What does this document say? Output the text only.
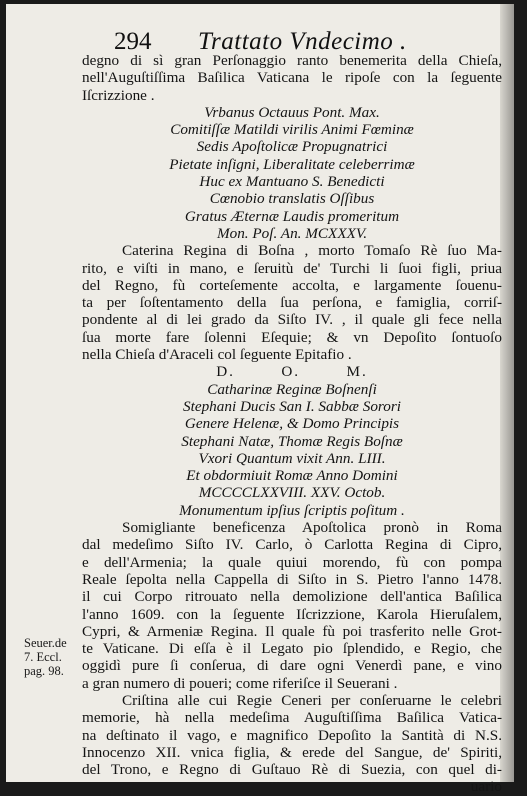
294 Trattato Vndecimo .
degno di sì gran Perſonaggio ranto benemerita della Chieſa,
nell'Auguſtiſſima Baſilica Vaticana le ripoſe con la ſeguente
Iſcrizzione .
Vrbanus Octauus Pont. Max.
Comitiſſæ Matildi virilis Animi Fœminæ
Sedis Apoſtolicæ Propugnatrici
Pietate inſigni, Liberalitate celeberrimæ
Huc ex Mantuano S. Benedicti
Cœnobio translatis Oſſibus
Gratus Æternæ Laudis promeritum
Mon. Poſ. An. MCXXXV.
Caterina Regina di Boſna , morto Tomaſo Rè ſuo Ma-
rito, e viſti in mano, e ſeruitù de' Turchi li ſuoi figli, priua
del Regno, fù corteſemente accolta, e largamente ſouenu-
ta per ſoſtentamento della ſua perſona, e famiglia, corriſ-
pondente al di lei grado da Siſto IV. , il quale gli fece nella
ſua morte fare ſolenni Eſequie; & vn Depoſito ſontuoſo
nella Chieſa d'Araceli col ſeguente Epitafio .
D.        O.        M.
Catharinæ Reginæ Boſnenſi
Stephani Ducis San I. Sabbæ Sorori
Genere Helenæ, & Domo Principis
Stephani Natæ, Thomæ Regis Boſnæ
Vxori Quantum vixit Ann. LIII.
Et obdormiuit Romæ Anno Domini
MCCCCLXXVIII. XXV. Octob.
Monumentum ipſius ſcriptis poſitum .
Somigliante beneficenza Apoſtolica pronò in Roma
dal medeſimo Siſto IV. Carlo, ò Carlotta Regina di Cipro,
e dell'Armenia; la quale quiui morendo, fù con pompa
Reale ſepolta nella Cappella di Siſto in S. Pietro l'anno 1478.
il cui Corpo ritrouato nella demolizione dell'antica Baſilica
l'anno 1609. con la ſeguente Iſcrizzione, Karola Hieruſalem,
Cypri, & Armeniæ Regina. Il quale fù poi trasferito nelle Grot-
te Vaticane. Di eſſa è il Legato pio ſplendido, e Regio, che
oggidì pure ſi conſerua, di dare ogni Venerdì pane, e vino
a gran numero di poueri; come riferiſce il Seuerani .
Criſtina alle cui Regie Ceneri per conſeruarne le celebri
memorie, hà nella medeſima Auguſtiſſima Baſilica Vatica-
na deſtinato il vago, e magnifico Depoſito la Santità di N.S.
Innocenzo XII. vnica figlia, & erede del Sangue, de' Spiriti,
del Trono, e Regno di Guſtauo Rè di Suezia, con quel di-
uario
Seuer.de
7. Eccl.
pag. 98.
